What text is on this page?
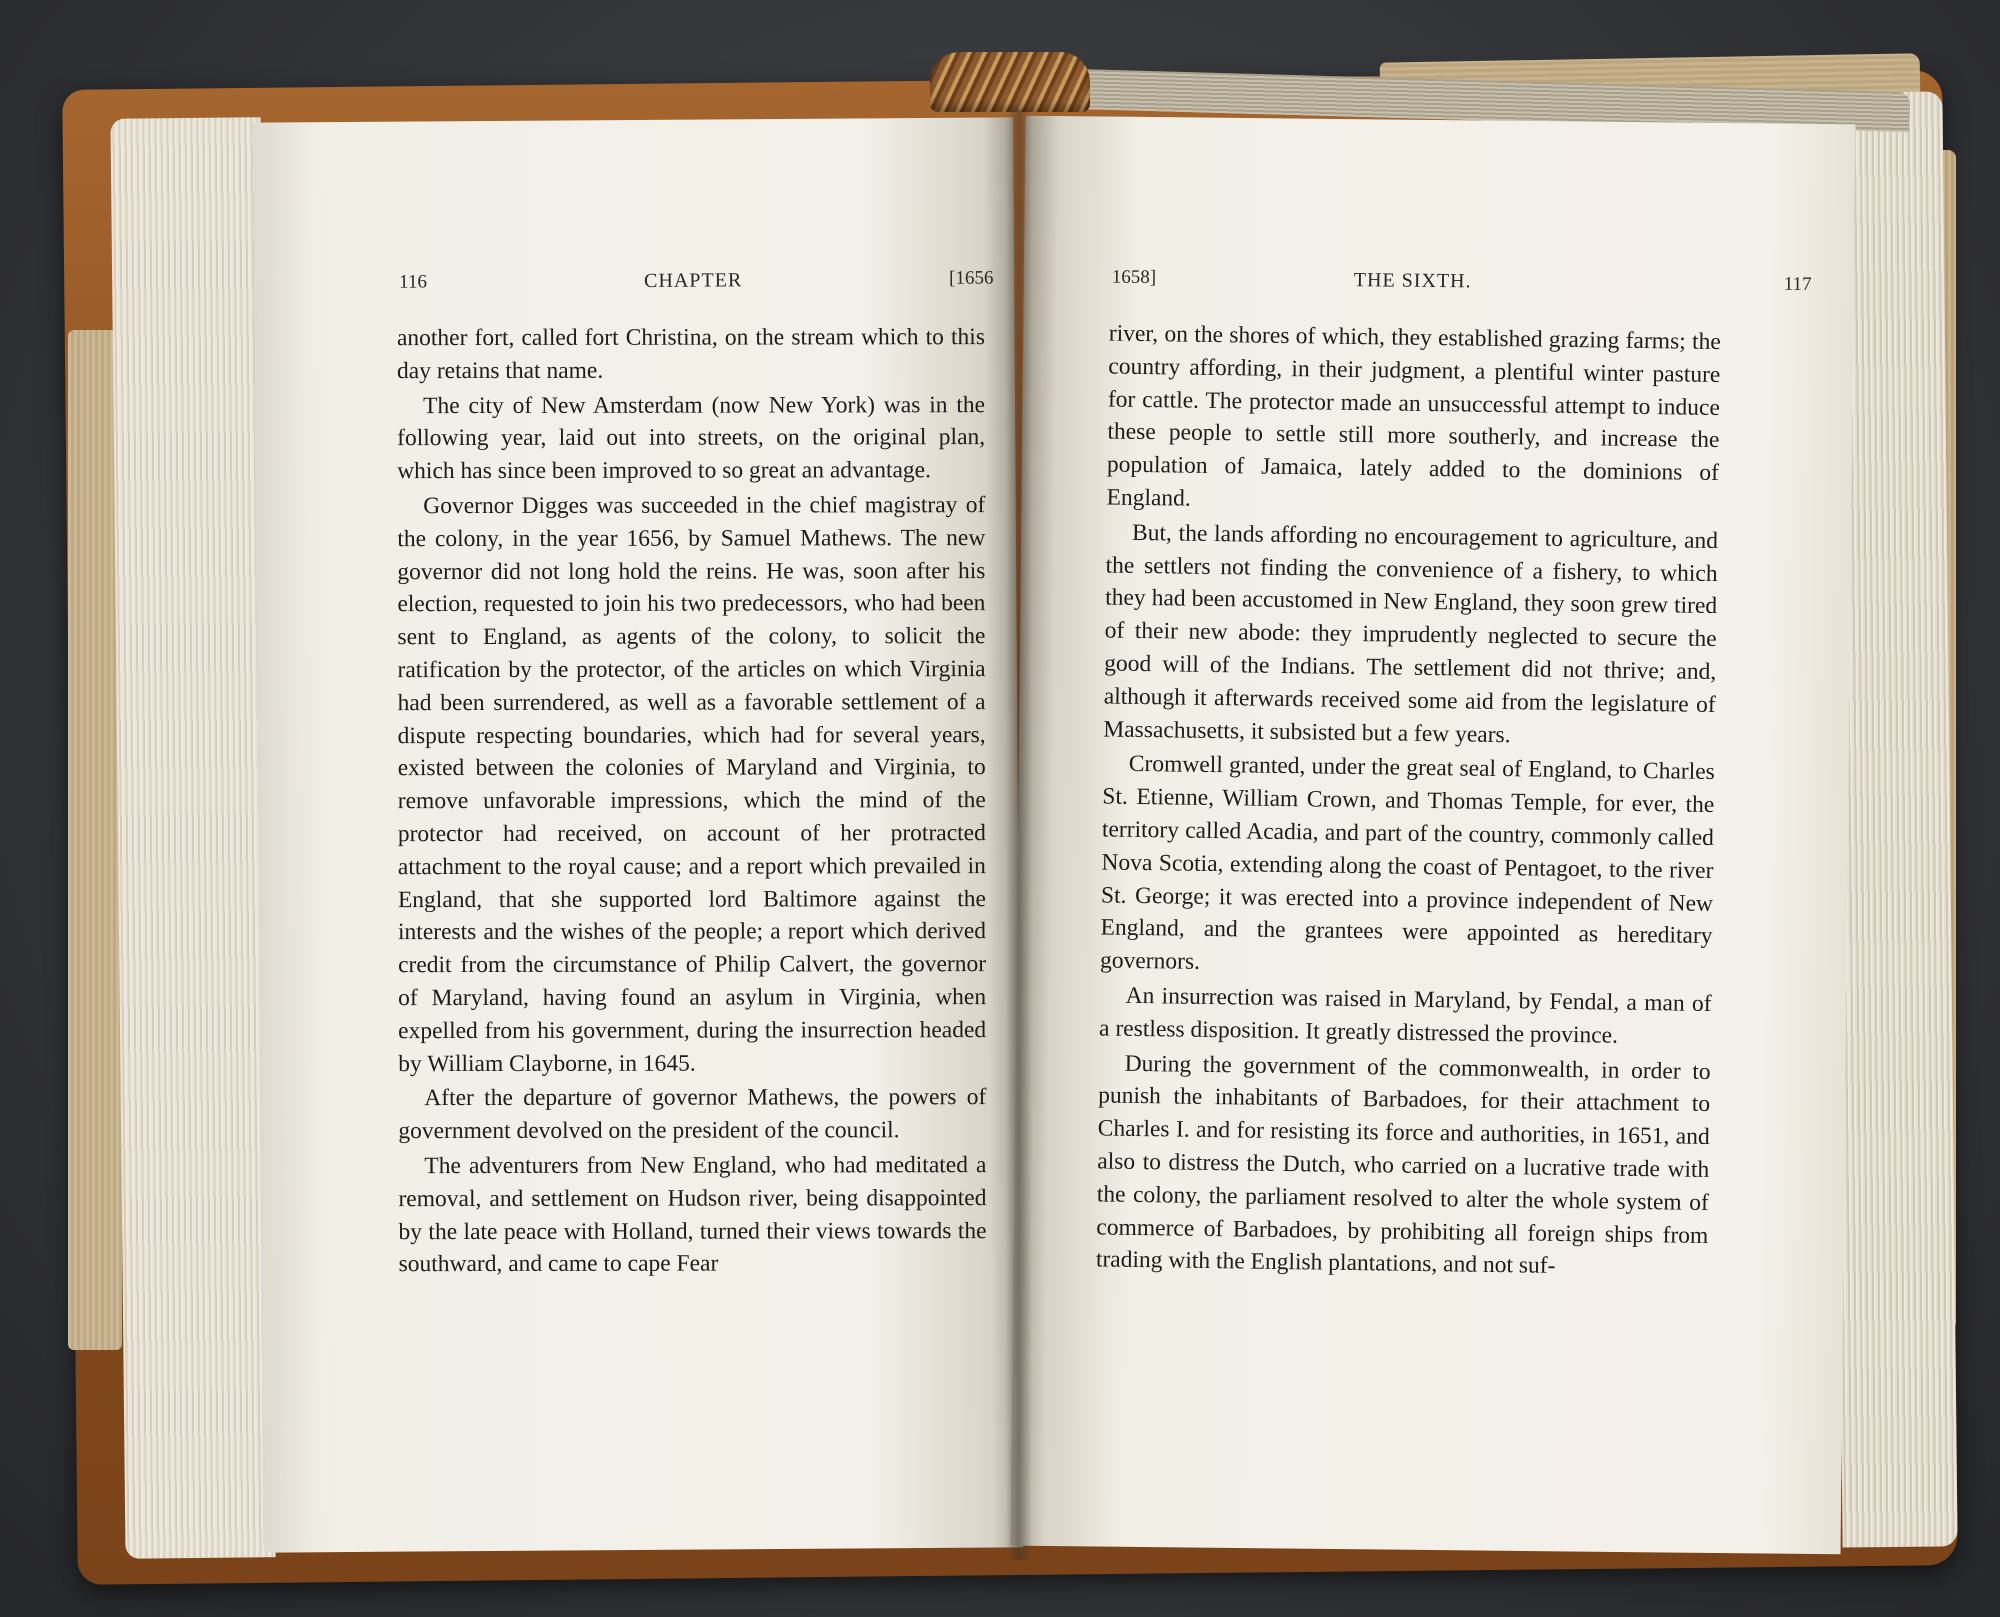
116	CHAPTER	[1656

another fort, called fort Christina, on the stream which to this day retains that name.

The city of New Amsterdam (now New York) was in the following year, laid out into streets, on the original plan, which has since been improved to so great an advantage.

Governor Digges was succeeded in the chief magistray of the colony, in the year 1656, by Samuel Mathews. The new governor did not long hold the reins. He was, soon after his election, requested to join his two predecessors, who had been sent to England, as agents of the colony, to solicit the ratification by the protector, of the articles on which Virginia had been surrendered, as well as a favorable settlement of a dispute respecting boundaries, which had for several years, existed between the colonies of Maryland and Virginia, to remove unfavorable impressions, which the mind of the protector had received, on account of her protracted attachment to the royal cause; and a report which prevailed in England, that she supported lord Baltimore against the interests and the wishes of the people; a report which derived credit from the circumstance of Philip Calvert, the governor of Maryland, having found an asylum in Virginia, when expelled from his government, during the insurrection headed by William Clayborne, in 1645.

After the departure of governor Mathews, the powers of government devolved on the president of the council.

The adventurers from New England, who had meditated a removal, and settlement on Hudson river, being disappointed by the late peace with Holland, turned their views towards the southward, and came to cape Fear

1658]	THE SIXTH.	117

river, on the shores of which, they established grazing farms; the country affording, in their judgment, a plentiful winter pasture for cattle. The protector made an unsuccessful attempt to induce these people to settle still more southerly, and increase the population of Jamaica, lately added to the dominions of England.

But, the lands affording no encouragement to agriculture, and the settlers not finding the convenience of a fishery, to which they had been accustomed in New England, they soon grew tired of their new abode: they imprudently neglected to secure the good will of the Indians. The settlement did not thrive; and, although it afterwards received some aid from the legislature of Massachusetts, it subsisted but a few years.

Cromwell granted, under the great seal of England, to Charles St. Etienne, William Crown, and Thomas Temple, for ever, the territory called Acadia, and part of the country, commonly called Nova Scotia, extending along the coast of Pentagoet, to the river St. George; it was erected into a province independent of New England, and the grantees were appointed as hereditary governors.

An insurrection was raised in Maryland, by Fendal, a man of a restless disposition. It greatly distressed the province.

During the government of the commonwealth, in order to punish the inhabitants of Barbadoes, for their attachment to Charles I. and for resisting its force and authorities, in 1651, and also to distress the Dutch, who carried on a lucrative trade with the colony, the parliament resolved to alter the whole system of commerce of Barbadoes, by prohibiting all foreign ships from trading with the English plantations, and not suf-
